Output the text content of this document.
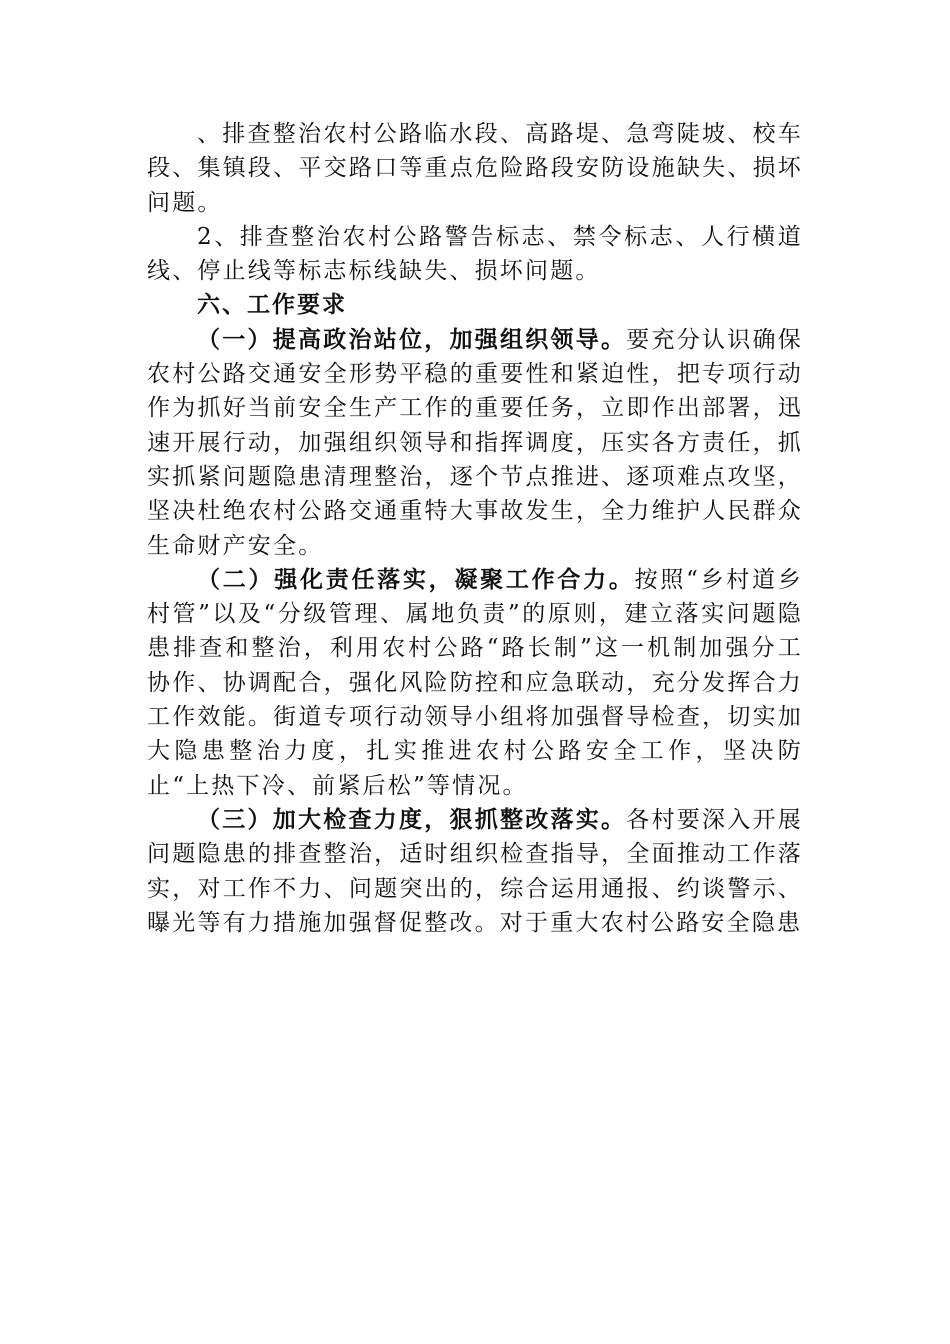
、排查整治农村公路临水段、高路堤、急弯陡坡、校车段、集镇段、平交路口等重点危险路段安防设施缺失、损坏问题。

2、排查整治农村公路警告标志、禁令标志、人行横道线、停止线等标志标线缺失、损坏问题。

六、工作要求

（一）提高政治站位，加强组织领导。要充分认识确保农村公路交通安全形势平稳的重要性和紧迫性，把专项行动作为抓好当前安全生产工作的重要任务，立即作出部署，迅速开展行动，加强组织领导和指挥调度，压实各方责任，抓实抓紧问题隐患清理整治，逐个节点推进、逐项难点攻坚，坚决杜绝农村公路交通重特大事故发生，全力维护人民群众生命财产安全。

（二）强化责任落实，凝聚工作合力。按照“乡村道乡村管”以及“分级管理、属地负责”的原则，建立落实问题隐患排查和整治，利用农村公路“路长制”这一机制加强分工协作、协调配合，强化风险防控和应急联动，充分发挥合力工作效能。街道专项行动领导小组将加强督导检查，切实加大隐患整治力度，扎实推进农村公路安全工作，坚决防止“上热下冷、前紧后松”等情况。

（三）加大检查力度，狠抓整改落实。各村要深入开展问题隐患的排查整治，适时组织检查指导，全面推动工作落实，对工作不力、问题突出的，综合运用通报、约谈警示、曝光等有力措施加强督促整改。对于重大农村公路安全隐患
